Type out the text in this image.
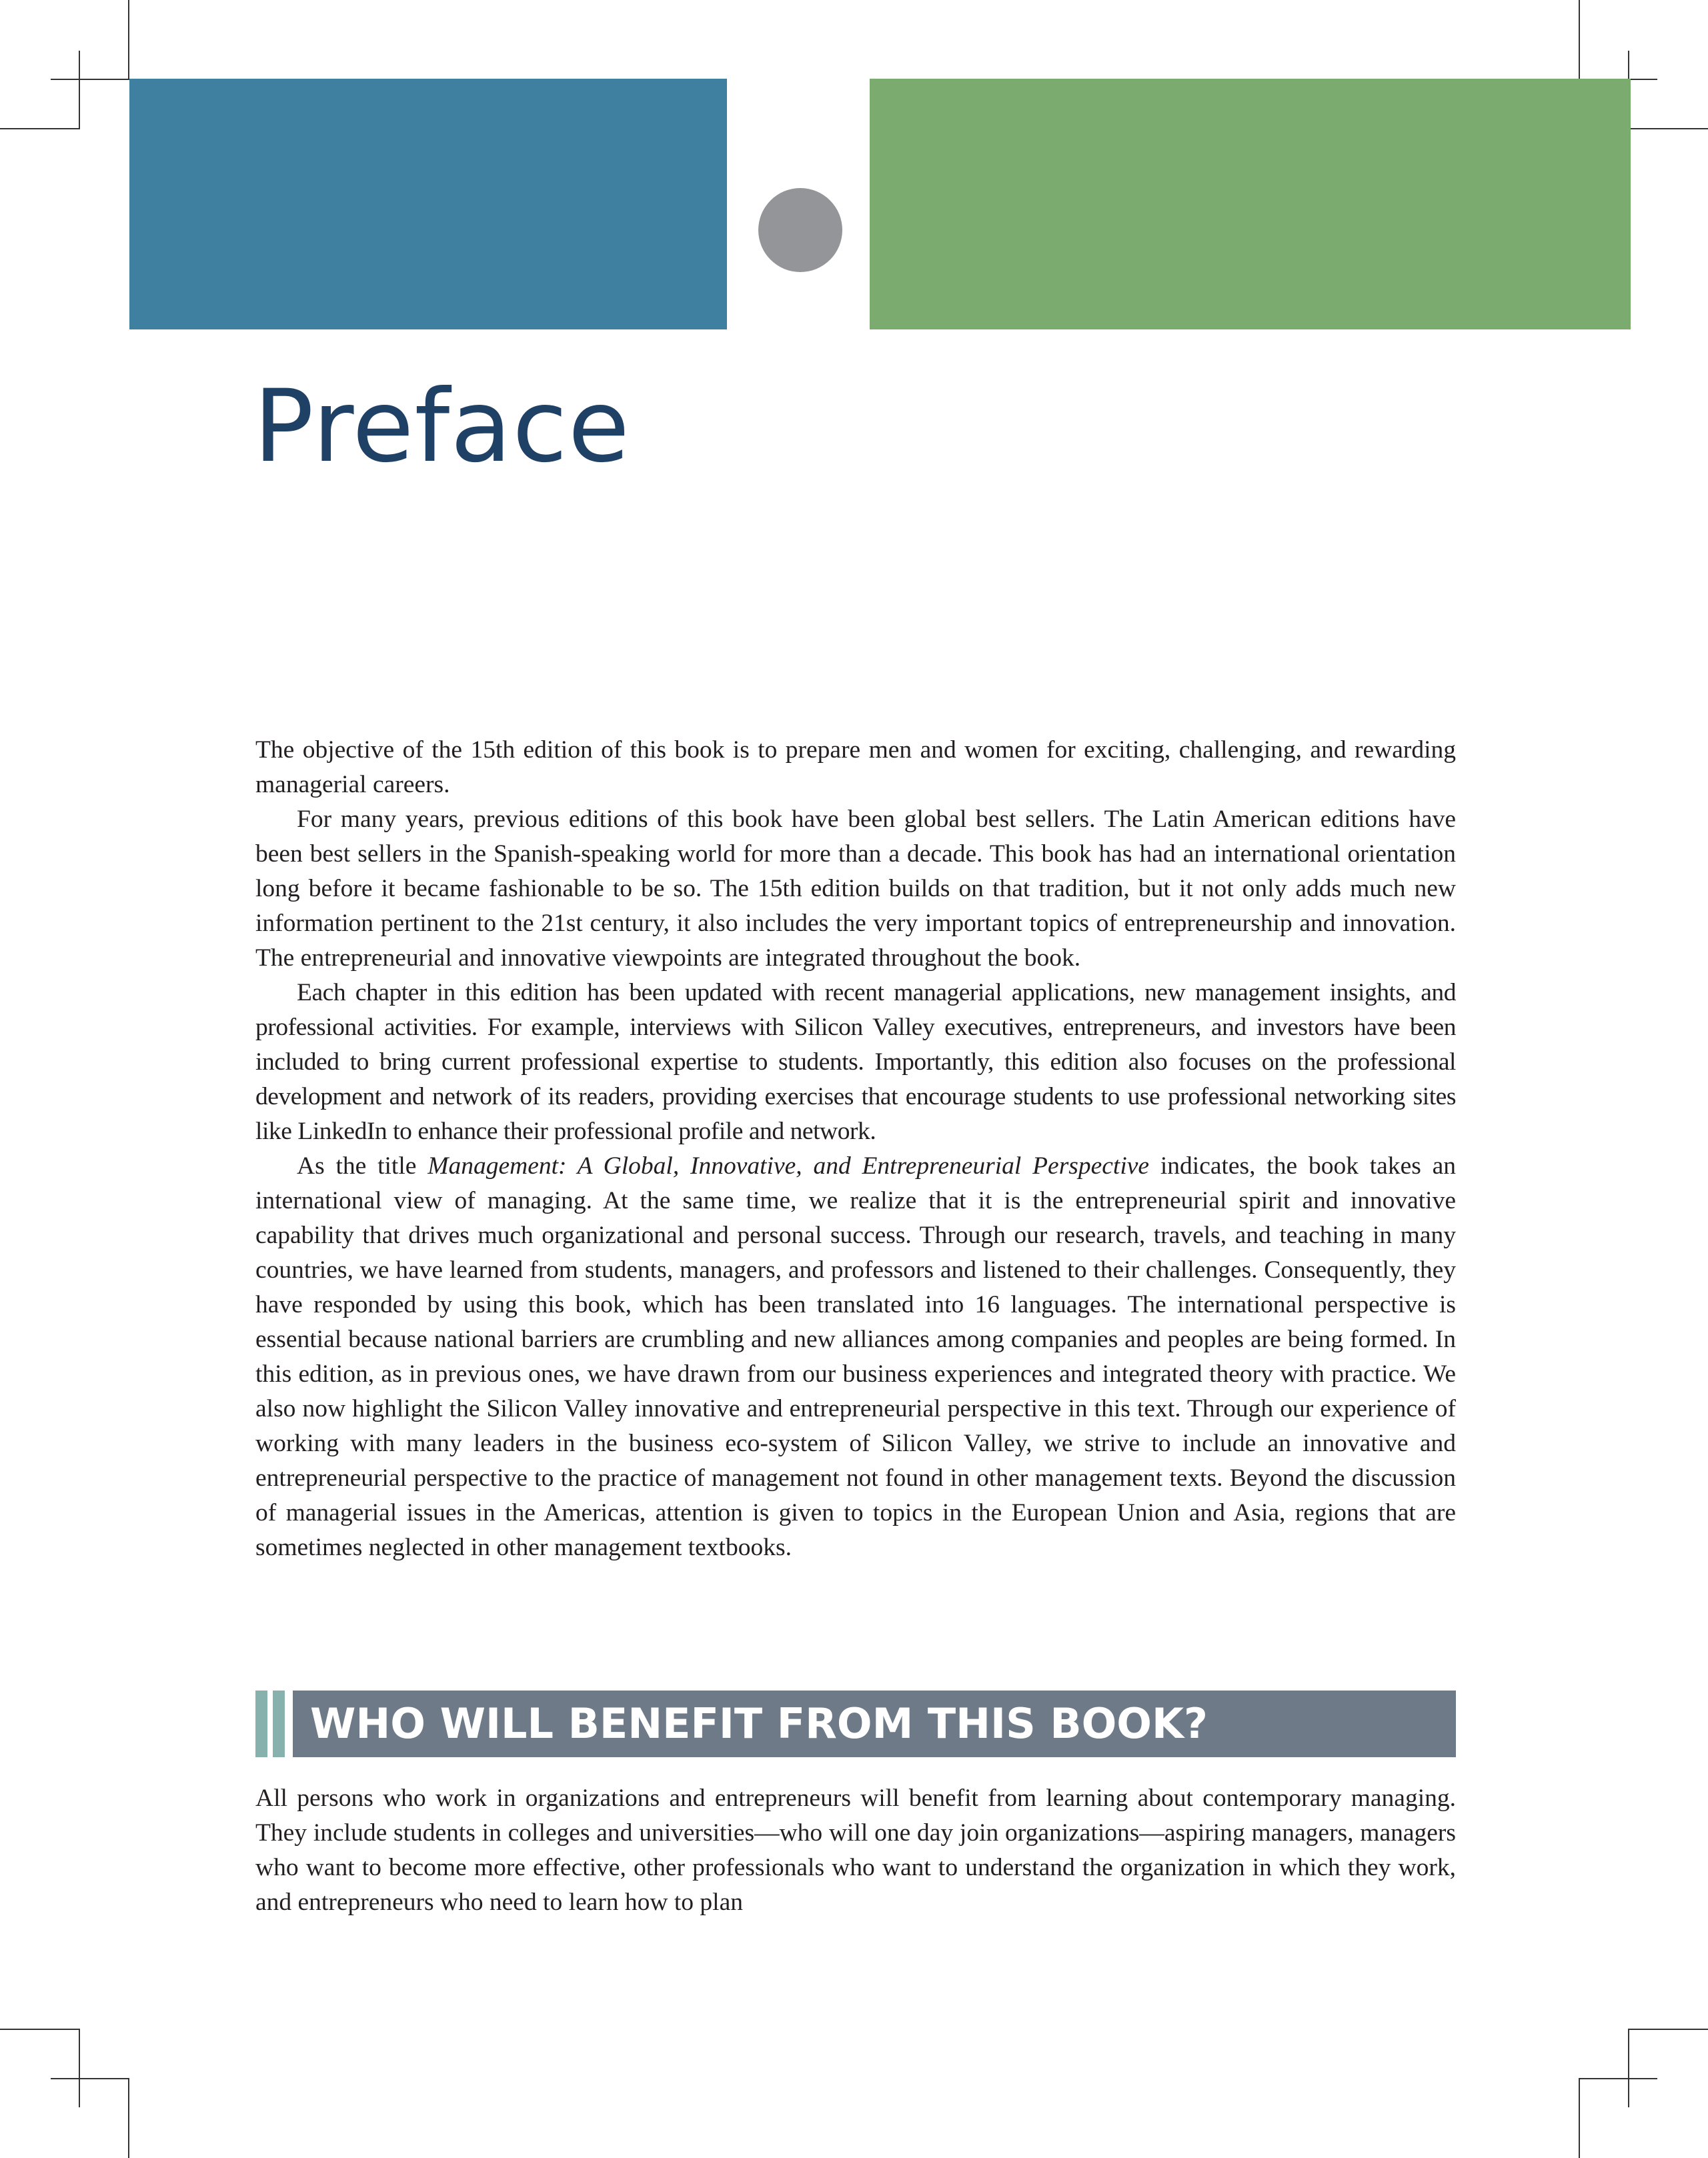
Preface

The objective of the 15th edition of this book is to prepare men and women for exciting, challenging, and rewarding managerial careers.

For many years, previous editions of this book have been global best sellers. The Latin American editions have been best sellers in the Spanish-speaking world for more than a decade. This book has had an international orientation long before it became fashionable to be so. The 15th edition builds on that tradition, but it not only adds much new information pertinent to the 21st century, it also includes the very important topics of entrepreneurship and innovation. The entrepreneurial and innovative viewpoints are integrated throughout the book.

Each chapter in this edition has been updated with recent managerial applications, new management insights, and professional activities. For example, interviews with Silicon Valley executives, entrepreneurs, and investors have been included to bring current professional expertise to students. Importantly, this edition also focuses on the professional development and network of its readers, providing exercises that encourage students to use professional networking sites like LinkedIn to enhance their professional profile and network.

As the title Management: A Global, Innovative, and Entrepreneurial Perspective indicates, the book takes an international view of managing. At the same time, we realize that it is the entrepreneurial spirit and innovative capability that drives much organizational and personal success. Through our research, travels, and teaching in many countries, we have learned from students, managers, and professors and listened to their challenges. Consequently, they have responded by using this book, which has been translated into 16 languages. The international perspective is essential because national barriers are crumbling and new alliances among companies and peoples are being formed. In this edition, as in previous ones, we have drawn from our business experiences and integrated theory with practice. We also now highlight the Silicon Valley innovative and entrepreneurial perspective in this text. Through our experience of working with many leaders in the business eco-system of Silicon Valley, we strive to include an innovative and entrepreneurial perspective to the practice of management not found in other management texts. Beyond the discussion of managerial issues in the Americas, attention is given to topics in the European Union and Asia, regions that are sometimes neglected in other management textbooks.

WHO WILL BENEFIT FROM THIS BOOK?

All persons who work in organizations and entrepreneurs will benefit from learning about contemporary managing. They include students in colleges and universities—who will one day join organizations—aspiring managers, managers who want to become more effective, other professionals who want to understand the organization in which they work, and entrepreneurs who need to learn how to plan
